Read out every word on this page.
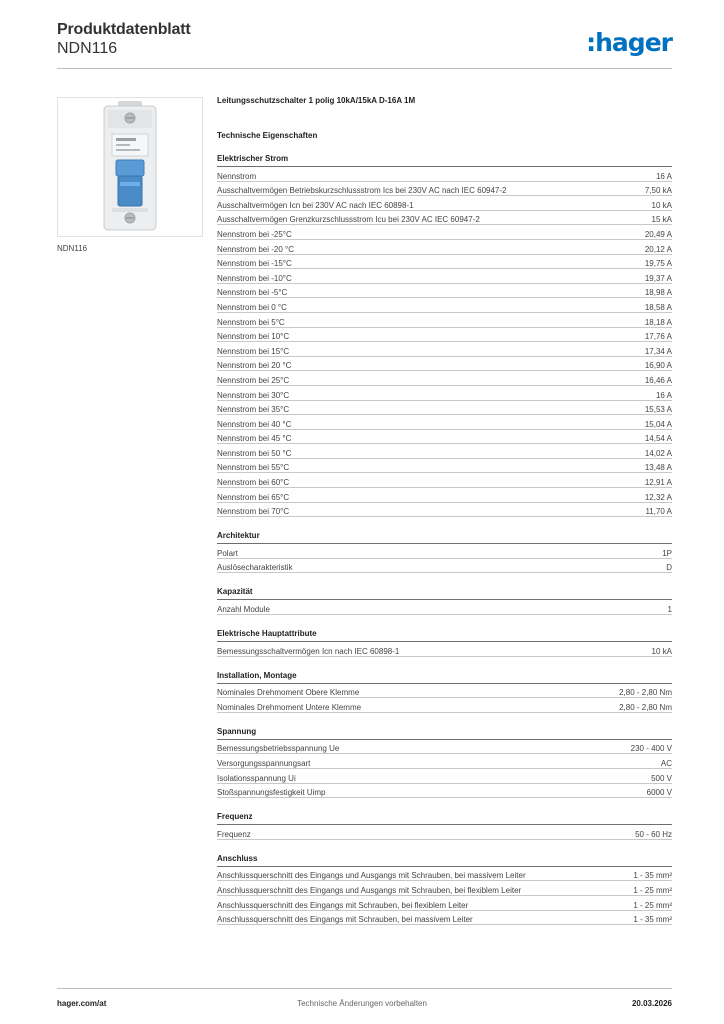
Produktdatenblatt
NDN116	:hager
NDN116
Leitungsschutzschalter 1 polig 10kA/15kA D-16A 1M
Technische Eigenschaften
Elektrischer Strom
Nennstrom	16 A
Ausschaltvermögen Betriebskurzschlussstrom Ics bei 230V AC nach IEC 60947-2	7,50 kA
Ausschaltvermögen Icn bei 230V AC nach IEC 60898-1	10 kA
Ausschaltvermögen Grenzkurzschlussstrom Icu bei 230V AC IEC 60947-2	15 kA
Nennstrom bei -25°C	20,49 A
Nennstrom bei -20 °C	20,12 A
Nennstrom bei -15°C	19,75 A
Nennstrom bei -10°C	19,37 A
Nennstrom bei -5°C	18,98 A
Nennstrom bei 0 °C	18,58 A
Nennstrom bei 5°C	18,18 A
Nennstrom bei 10°C	17,76 A
Nennstrom bei 15°C	17,34 A
Nennstrom bei 20 °C	16,90 A
Nennstrom bei 25°C	16,46 A
Nennstrom bei 30°C	16 A
Nennstrom bei 35°C	15,53 A
Nennstrom bei 40 °C	15,04 A
Nennstrom bei 45 °C	14,54 A
Nennstrom bei 50 °C	14,02 A
Nennstrom bei 55°C	13,48 A
Nennstrom bei 60°C	12,91 A
Nennstrom bei 65°C	12,32 A
Nennstrom bei 70°C	11,70 A
Architektur
Polart	1P
Auslösecharakteristik	D
Kapazität
Anzahl Module	1
Elektrische Hauptattribute
Bemessungsschaltvermögen Icn nach IEC 60898-1	10 kA
Installation, Montage
Nominales Drehmoment Obere Klemme	2,80 - 2,80 Nm
Nominales Drehmoment Untere Klemme	2,80 - 2,80 Nm
Spannung
Bemessungsbetriebsspannung Ue	230 - 400 V
Versorgungsspannungsart	AC
Isolationsspannung Ui	500 V
Stoßspannungsfestigkeit Uimp	6000 V
Frequenz
Frequenz	50 - 60 Hz
Anschluss
Anschlussquerschnitt des Eingangs und Ausgangs mit Schrauben, bei massivem Leiter	1 - 35 mm²
Anschlussquerschnitt des Eingangs und Ausgangs mit Schrauben, bei flexiblem Leiter	1 - 25 mm²
Anschlussquerschnitt des Eingangs mit Schrauben, bei flexiblem Leiter	1 - 25 mm²
Anschlussquerschnitt des Eingangs mit Schrauben, bei massivem Leiter	1 - 35 mm²
hager.com/at	Technische Änderungen vorbehalten	20.03.2026
